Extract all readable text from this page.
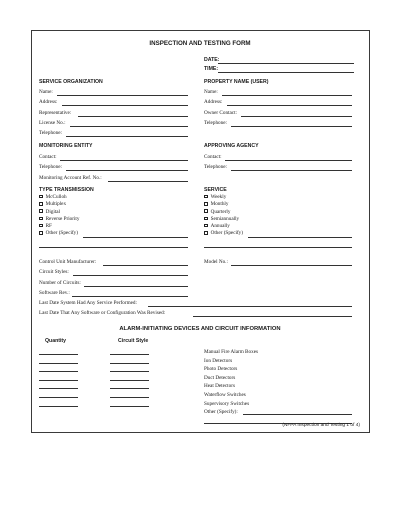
INSPECTION AND TESTING FORM
DATE:
TIME:
SERVICE ORGANIZATION
Name:
Address:
Representative:
License No.:
Telephone:
PROPERTY NAME (USER)
Name:
Address:
Owner Contact:
Telephone:
MONITORING ENTITY
Contact:
Telephone:
Monitoring Account Ref. No.:
APPROVING AGENCY
Contact:
Telephone:
TYPE TRANSMISSION
McCulloh
Multiplex
Digital
Reverse Priority
RF
Other (Specify)
SERVICE
Weekly
Monthly
Quarterly
Semiannually
Annually
Other (Specify)
Control Unit Manufacturer:	Model No.:
Circuit Styles:
Number of Circuits:
Software Rev.:
Last Date System Had Any Service Performed:
Last Date That Any Software or Configuration Was Revised:
ALARM-INITIATING DEVICES AND CIRCUIT INFORMATION
Quantity	Circuit Style
Manual Fire Alarm Boxes
Ion Detectors
Photo Detectors
Duct Detectors
Heat Detectors
Waterflow Switches
Supervisory Switches
Other (Specify):
(NFPA Inspection and Testing 1 of 4)
